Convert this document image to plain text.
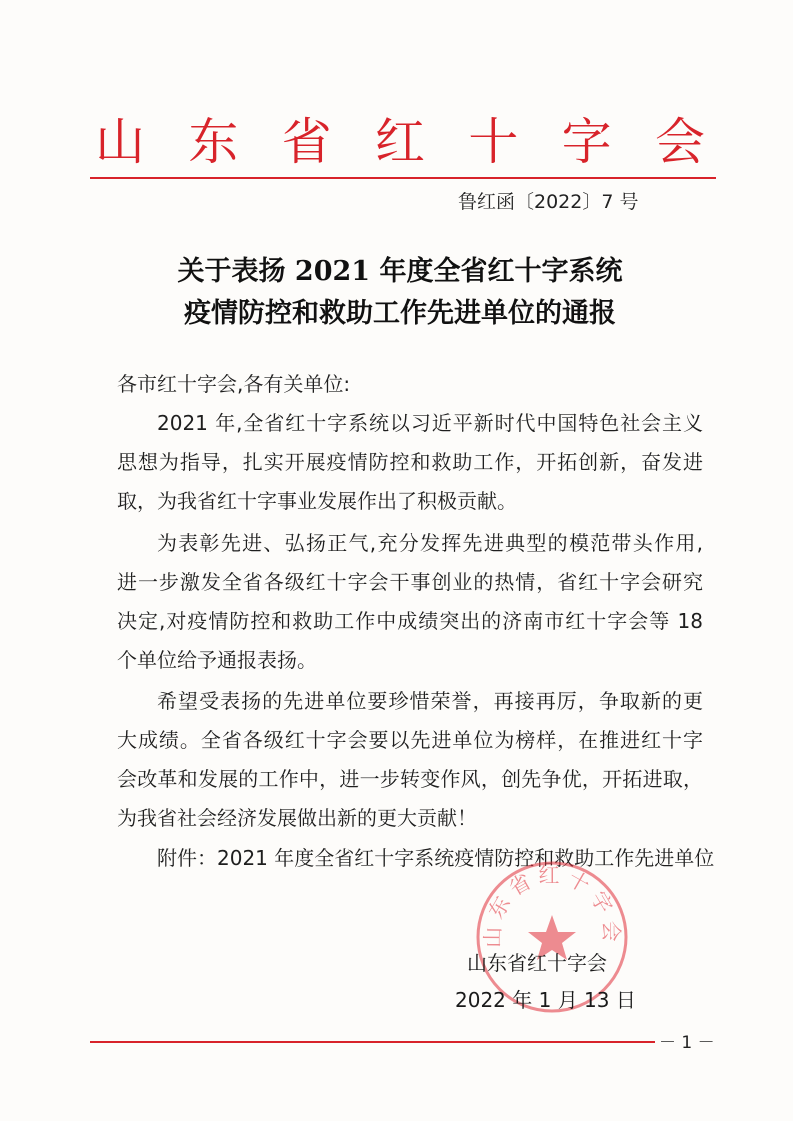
山 东 省 红 十 字 会
鲁红函〔2022〕7 号
关于表扬 2021 年度全省红十字系统
疫情防控和救助工作先进单位的通报
各市红十字会,各有关单位:
2021 年,全省红十字系统以习近平新时代中国特色社会主义
思想为指导，扎实开展疫情防控和救助工作，开拓创新，奋发进
取，为我省红十字事业发展作出了积极贡献。
为表彰先进、弘扬正气,充分发挥先进典型的模范带头作用,
进一步激发全省各级红十字会干事创业的热情，省红十字会研究
决定,对疫情防控和救助工作中成绩突出的济南市红十字会等 18
个单位给予通报表扬。
希望受表扬的先进单位要珍惜荣誉，再接再厉，争取新的更
大成绩。全省各级红十字会要以先进单位为榜样，在推进红十字
会改革和发展的工作中，进一步转变作风，创先争优，开拓进取，
为我省社会经济发展做出新的更大贡献！
附件：2021 年度全省红十字系统疫情防控和救助工作先进单位
山东省红十字会
山东省红十字会
2022 年 1 月 13 日
－ 1 －
